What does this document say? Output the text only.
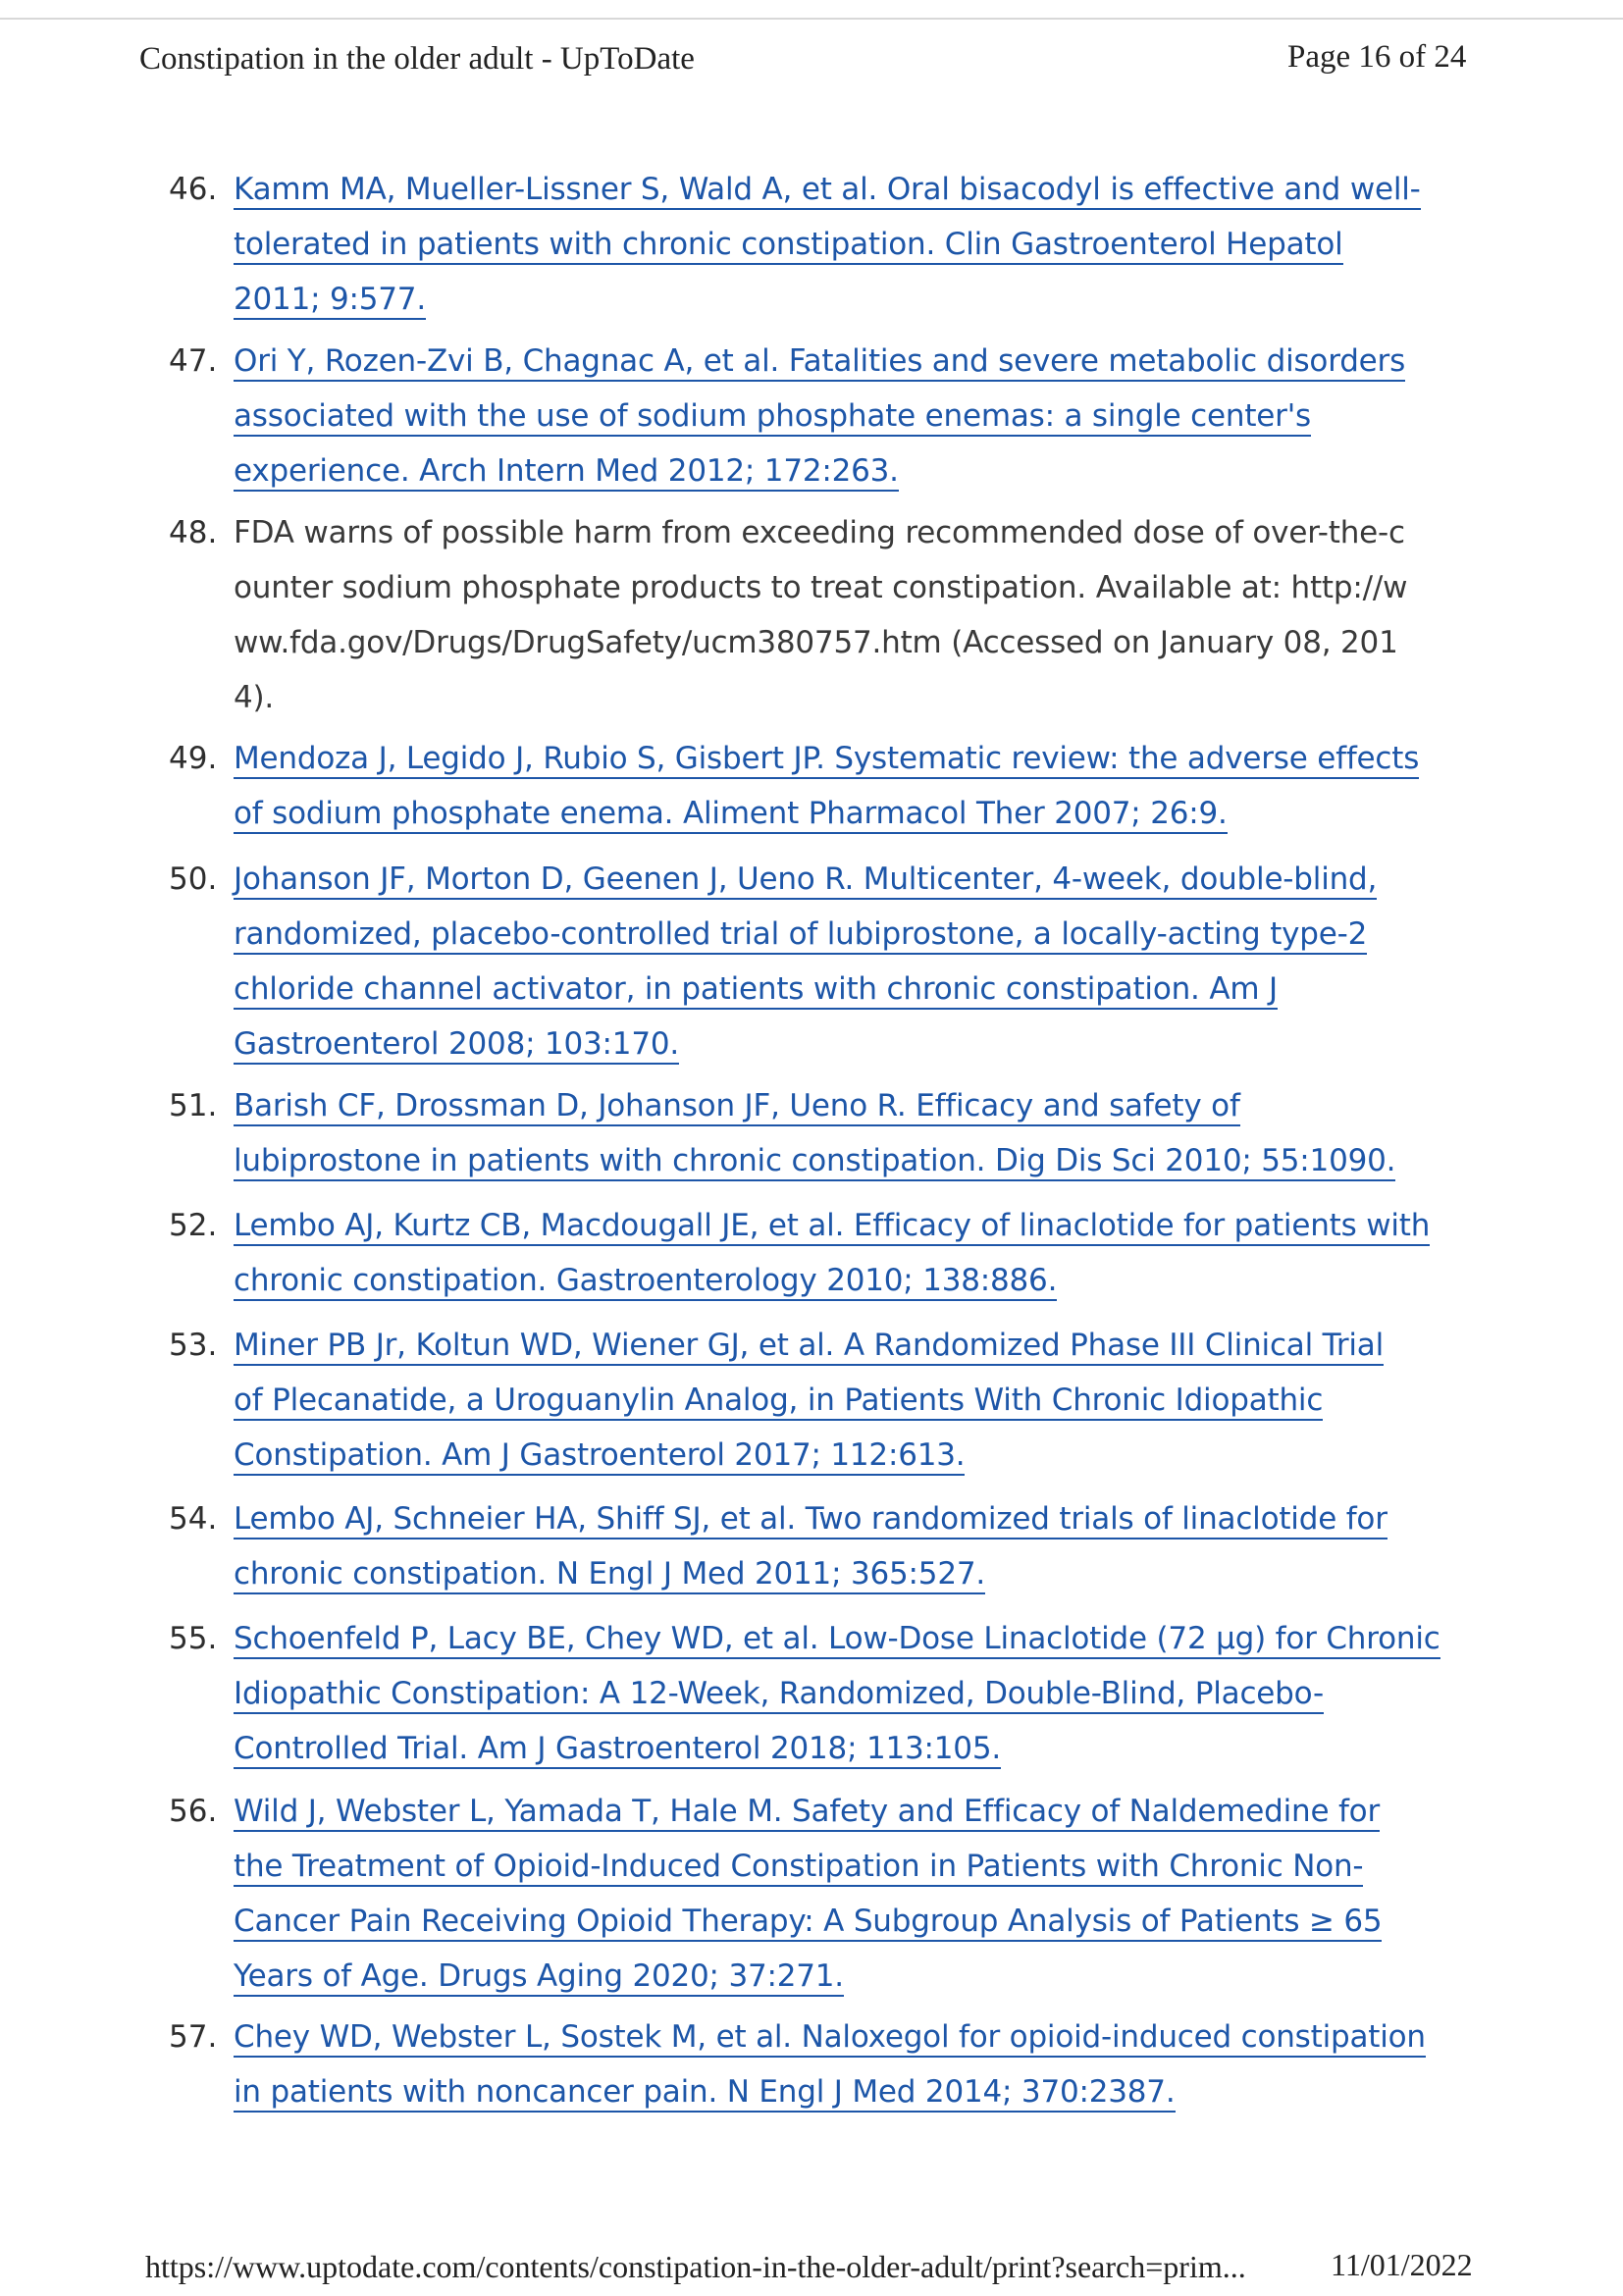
Constipation in the older adult - UpToDate	Page 16 of 24
46. Kamm MA, Mueller-Lissner S, Wald A, et al. Oral bisacodyl is effective and well-
tolerated in patients with chronic constipation. Clin Gastroenterol Hepatol
2011; 9:577.
47. Ori Y, Rozen-Zvi B, Chagnac A, et al. Fatalities and severe metabolic disorders
associated with the use of sodium phosphate enemas: a single center's
experience. Arch Intern Med 2012; 172:263.
48. FDA warns of possible harm from exceeding recommended dose of over-the-c
ounter sodium phosphate products to treat constipation. Available at: http://w
ww.fda.gov/Drugs/DrugSafety/ucm380757.htm (Accessed on January 08, 201
4).
49. Mendoza J, Legido J, Rubio S, Gisbert JP. Systematic review: the adverse effects
of sodium phosphate enema. Aliment Pharmacol Ther 2007; 26:9.
50. Johanson JF, Morton D, Geenen J, Ueno R. Multicenter, 4-week, double-blind,
randomized, placebo-controlled trial of lubiprostone, a locally-acting type-2
chloride channel activator, in patients with chronic constipation. Am J
Gastroenterol 2008; 103:170.
51. Barish CF, Drossman D, Johanson JF, Ueno R. Efficacy and safety of
lubiprostone in patients with chronic constipation. Dig Dis Sci 2010; 55:1090.
52. Lembo AJ, Kurtz CB, Macdougall JE, et al. Efficacy of linaclotide for patients with
chronic constipation. Gastroenterology 2010; 138:886.
53. Miner PB Jr, Koltun WD, Wiener GJ, et al. A Randomized Phase III Clinical Trial
of Plecanatide, a Uroguanylin Analog, in Patients With Chronic Idiopathic
Constipation. Am J Gastroenterol 2017; 112:613.
54. Lembo AJ, Schneier HA, Shiff SJ, et al. Two randomized trials of linaclotide for
chronic constipation. N Engl J Med 2011; 365:527.
55. Schoenfeld P, Lacy BE, Chey WD, et al. Low-Dose Linaclotide (72 µg) for Chronic
Idiopathic Constipation: A 12-Week, Randomized, Double-Blind, Placebo-
Controlled Trial. Am J Gastroenterol 2018; 113:105.
56. Wild J, Webster L, Yamada T, Hale M. Safety and Efficacy of Naldemedine for
the Treatment of Opioid-Induced Constipation in Patients with Chronic Non-
Cancer Pain Receiving Opioid Therapy: A Subgroup Analysis of Patients ≥ 65
Years of Age. Drugs Aging 2020; 37:271.
57. Chey WD, Webster L, Sostek M, et al. Naloxegol for opioid-induced constipation
in patients with noncancer pain. N Engl J Med 2014; 370:2387.
https://www.uptodate.com/contents/constipation-in-the-older-adult/print?search=prim...	11/01/2022
